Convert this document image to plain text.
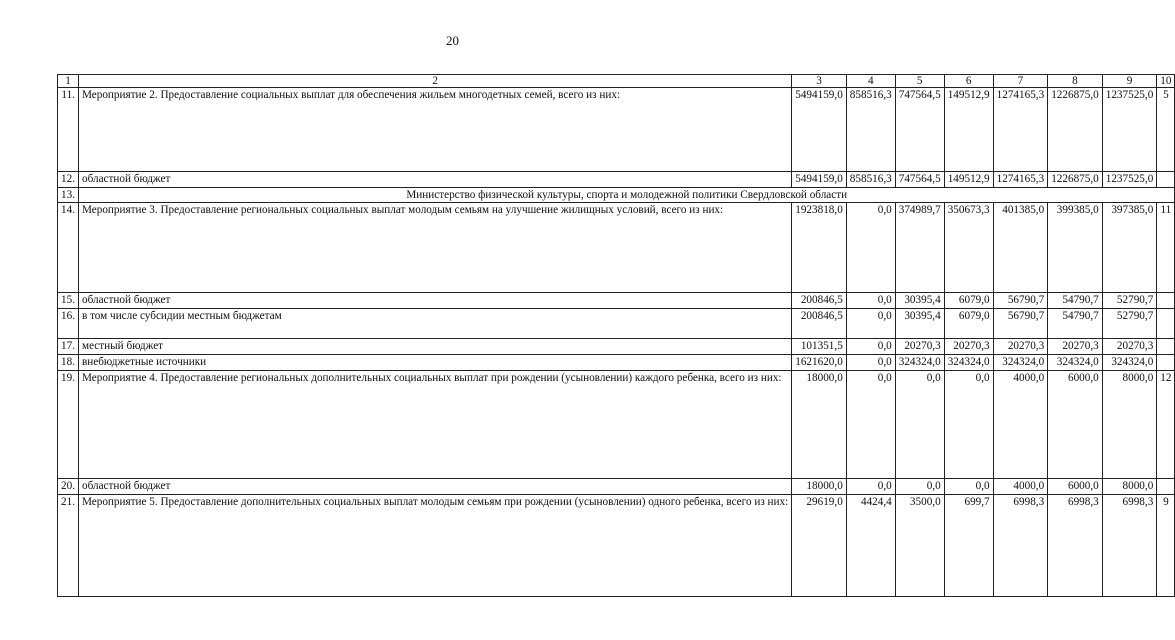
20
1	2	3	4	5	6	7	8	9	10
11.	Мероприятие 2. Предоставление социальных выплат для обеспечения жильем многодетных семей, всего из них:	5494159,0	858516,3	747564,5	149512,9	1274165,3	1226875,0	1237525,0	5
12.	областной бюджет	5494159,0	858516,3	747564,5	149512,9	1274165,3	1226875,0	1237525,0	
13.	Министерство физической культуры, спорта и молодежной политики Свердловской области								
14.	Мероприятие 3. Предоставление региональных социальных выплат молодым семьям на улучшение жилищных условий, всего из них:	1923818,0	0,0	374989,7	350673,3	401385,0	399385,0	397385,0	11
15.	областной бюджет	200846,5	0,0	30395,4	6079,0	56790,7	54790,7	52790,7	
16.	в том числе субсидии местным бюджетам	200846,5	0,0	30395,4	6079,0	56790,7	54790,7	52790,7	
17.	местный бюджет	101351,5	0,0	20270,3	20270,3	20270,3	20270,3	20270,3	
18.	внебюджетные источники	1621620,0	0,0	324324,0	324324,0	324324,0	324324,0	324324,0	
19.	Мероприятие 4. Предоставление региональных дополнительных социальных выплат при рождении (усыновлении) каждого ребенка, всего из них:	18000,0	0,0	0,0	0,0	4000,0	6000,0	8000,0	12
20.	областной бюджет	18000,0	0,0	0,0	0,0	4000,0	6000,0	8000,0	
21.	Мероприятие 5. Предоставление дополнительных социальных выплат молодым семьям при рождении (усыновлении) одного ребенка, всего из них:	29619,0	4424,4	3500,0	699,7	6998,3	6998,3	6998,3	9
